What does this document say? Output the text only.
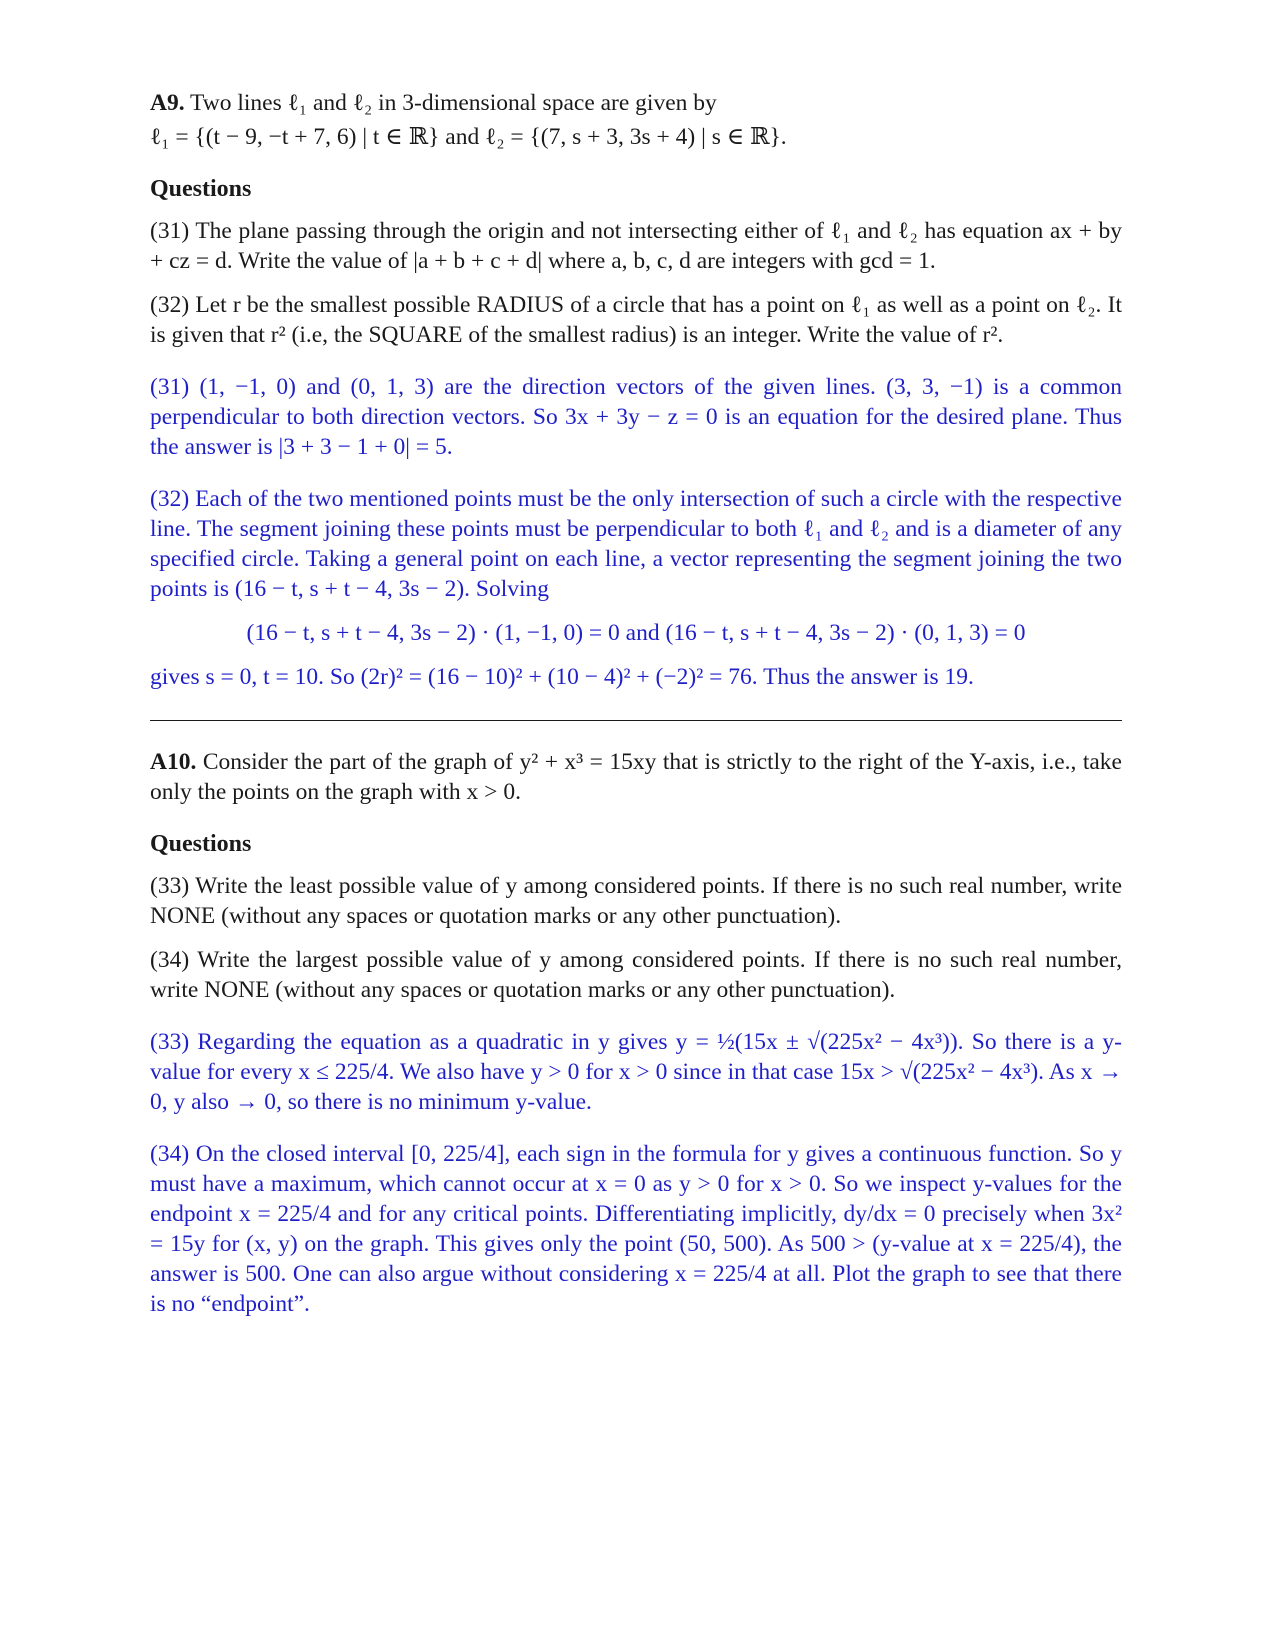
A9. Two lines ℓ₁ and ℓ₂ in 3-dimensional space are given by

ℓ₁ = {(t − 9, −t + 7, 6) | t ∈ ℝ} and ℓ₂ = {(7, s + 3, 3s + 4) | s ∈ ℝ}.

Questions

(31) The plane passing through the origin and not intersecting either of ℓ₁ and ℓ₂ has equation ax + by + cz = d. Write the value of |a + b + c + d| where a, b, c, d are integers with gcd = 1.

(32) Let r be the smallest possible RADIUS of a circle that has a point on ℓ₁ as well as a point on ℓ₂. It is given that r² (i.e, the SQUARE of the smallest radius) is an integer. Write the value of r².

(31) (1, −1, 0) and (0, 1, 3) are the direction vectors of the given lines. (3, 3, −1) is a common perpendicular to both direction vectors. So 3x + 3y − z = 0 is an equation for the desired plane. Thus the answer is |3 + 3 − 1 + 0| = 5.

(32) Each of the two mentioned points must be the only intersection of such a circle with the respective line. The segment joining these points must be perpendicular to both ℓ₁ and ℓ₂ and is a diameter of any specified circle. Taking a general point on each line, a vector representing the segment joining the two points is (16 − t, s + t − 4, 3s − 2). Solving

(16 − t, s + t − 4, 3s − 2) · (1, −1, 0) = 0 and (16 − t, s + t − 4, 3s − 2) · (0, 1, 3) = 0

gives s = 0, t = 10. So (2r)² = (16 − 10)² + (10 − 4)² + (−2)² = 76. Thus the answer is 19.

A10. Consider the part of the graph of y² + x³ = 15xy that is strictly to the right of the Y-axis, i.e., take only the points on the graph with x > 0.

Questions

(33) Write the least possible value of y among considered points. If there is no such real number, write NONE (without any spaces or quotation marks or any other punctuation).

(34) Write the largest possible value of y among considered points. If there is no such real number, write NONE (without any spaces or quotation marks or any other punctuation).

(33) Regarding the equation as a quadratic in y gives y = ½(15x ± √(225x² − 4x³)). So there is a y-value for every x ≤ 225/4. We also have y > 0 for x > 0 since in that case 15x > √(225x² − 4x³). As x → 0, y also → 0, so there is no minimum y-value.

(34) On the closed interval [0, 225/4], each sign in the formula for y gives a continuous function. So y must have a maximum, which cannot occur at x = 0 as y > 0 for x > 0. So we inspect y-values for the endpoint x = 225/4 and for any critical points. Differentiating implicitly, dy/dx = 0 precisely when 3x² = 15y for (x, y) on the graph. This gives only the point (50, 500). As 500 > (y-value at x = 225/4), the answer is 500. One can also argue without considering x = 225/4 at all. Plot the graph to see that there is no “endpoint”.
